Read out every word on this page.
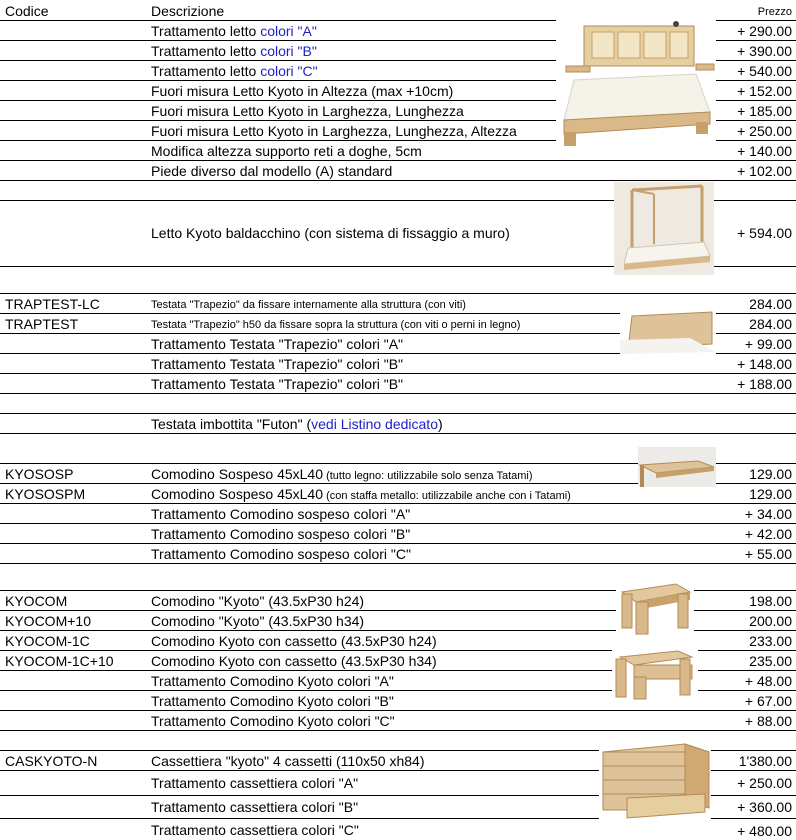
Codice	Descrizione	Prezzo
Trattamento letto colori "A"	+ 290.00
Trattamento letto colori "B"	+ 390.00
Trattamento letto colori "C"	+ 540.00
Fuori misura Letto Kyoto in Altezza (max +10cm)	+ 152.00
Fuori misura Letto Kyoto in Larghezza, Lunghezza	+ 185.00
Fuori misura Letto Kyoto in Larghezza, Lunghezza, Altezza	+ 250.00
Modifica altezza supporto reti a doghe, 5cm	+ 140.00
Piede diverso dal modello (A) standard	+ 102.00
Letto Kyoto baldacchino (con sistema di fissaggio a muro)	+ 594.00
TRAPTEST-LC	Testata "Trapezio" da fissare internamente alla struttura (con viti)	284.00
TRAPTEST	Testata "Trapezio" h50 da fissare sopra la struttura (con viti o perni in legno)	284.00
Trattamento Testata "Trapezio" colori "A"	+ 99.00
Trattamento Testata "Trapezio" colori "B"	+ 148.00
Trattamento Testata "Trapezio" colori "B"	+ 188.00
Testata imbottita "Futon" (vedi Listino dedicato)
KYOSOSP	Comodino Sospeso 45xL40 (tutto legno: utilizzabile solo senza Tatami)	129.00
KYOSOSPM	Comodino Sospeso 45xL40 (con staffa metallo: utilizzabile anche con i Tatami)	129.00
Trattamento Comodino sospeso colori "A"	+ 34.00
Trattamento Comodino sospeso colori "B"	+ 42.00
Trattamento Comodino sospeso colori "C"	+ 55.00
KYOCOM	Comodino "Kyoto" (43.5xP30 h24)	198.00
KYOCOM+10	Comodino "Kyoto" (43.5xP30 h34)	200.00
KYOCOM-1C	Comodino Kyoto con cassetto (43.5xP30 h24)	233.00
KYOCOM-1C+10	Comodino Kyoto con cassetto (43.5xP30 h34)	235.00
Trattamento Comodino Kyoto colori "A"	+ 48.00
Trattamento Comodino Kyoto colori "B"	+ 67.00
Trattamento Comodino Kyoto colori "C"	+ 88.00
CASKYOTO-N	Cassettiera "kyoto" 4 cassetti (110x50 xh84)	1'380.00
Trattamento cassettiera colori "A"	+ 250.00
Trattamento cassettiera colori "B"	+ 360.00
Trattamento cassettiera colori "C"	+ 480.00
